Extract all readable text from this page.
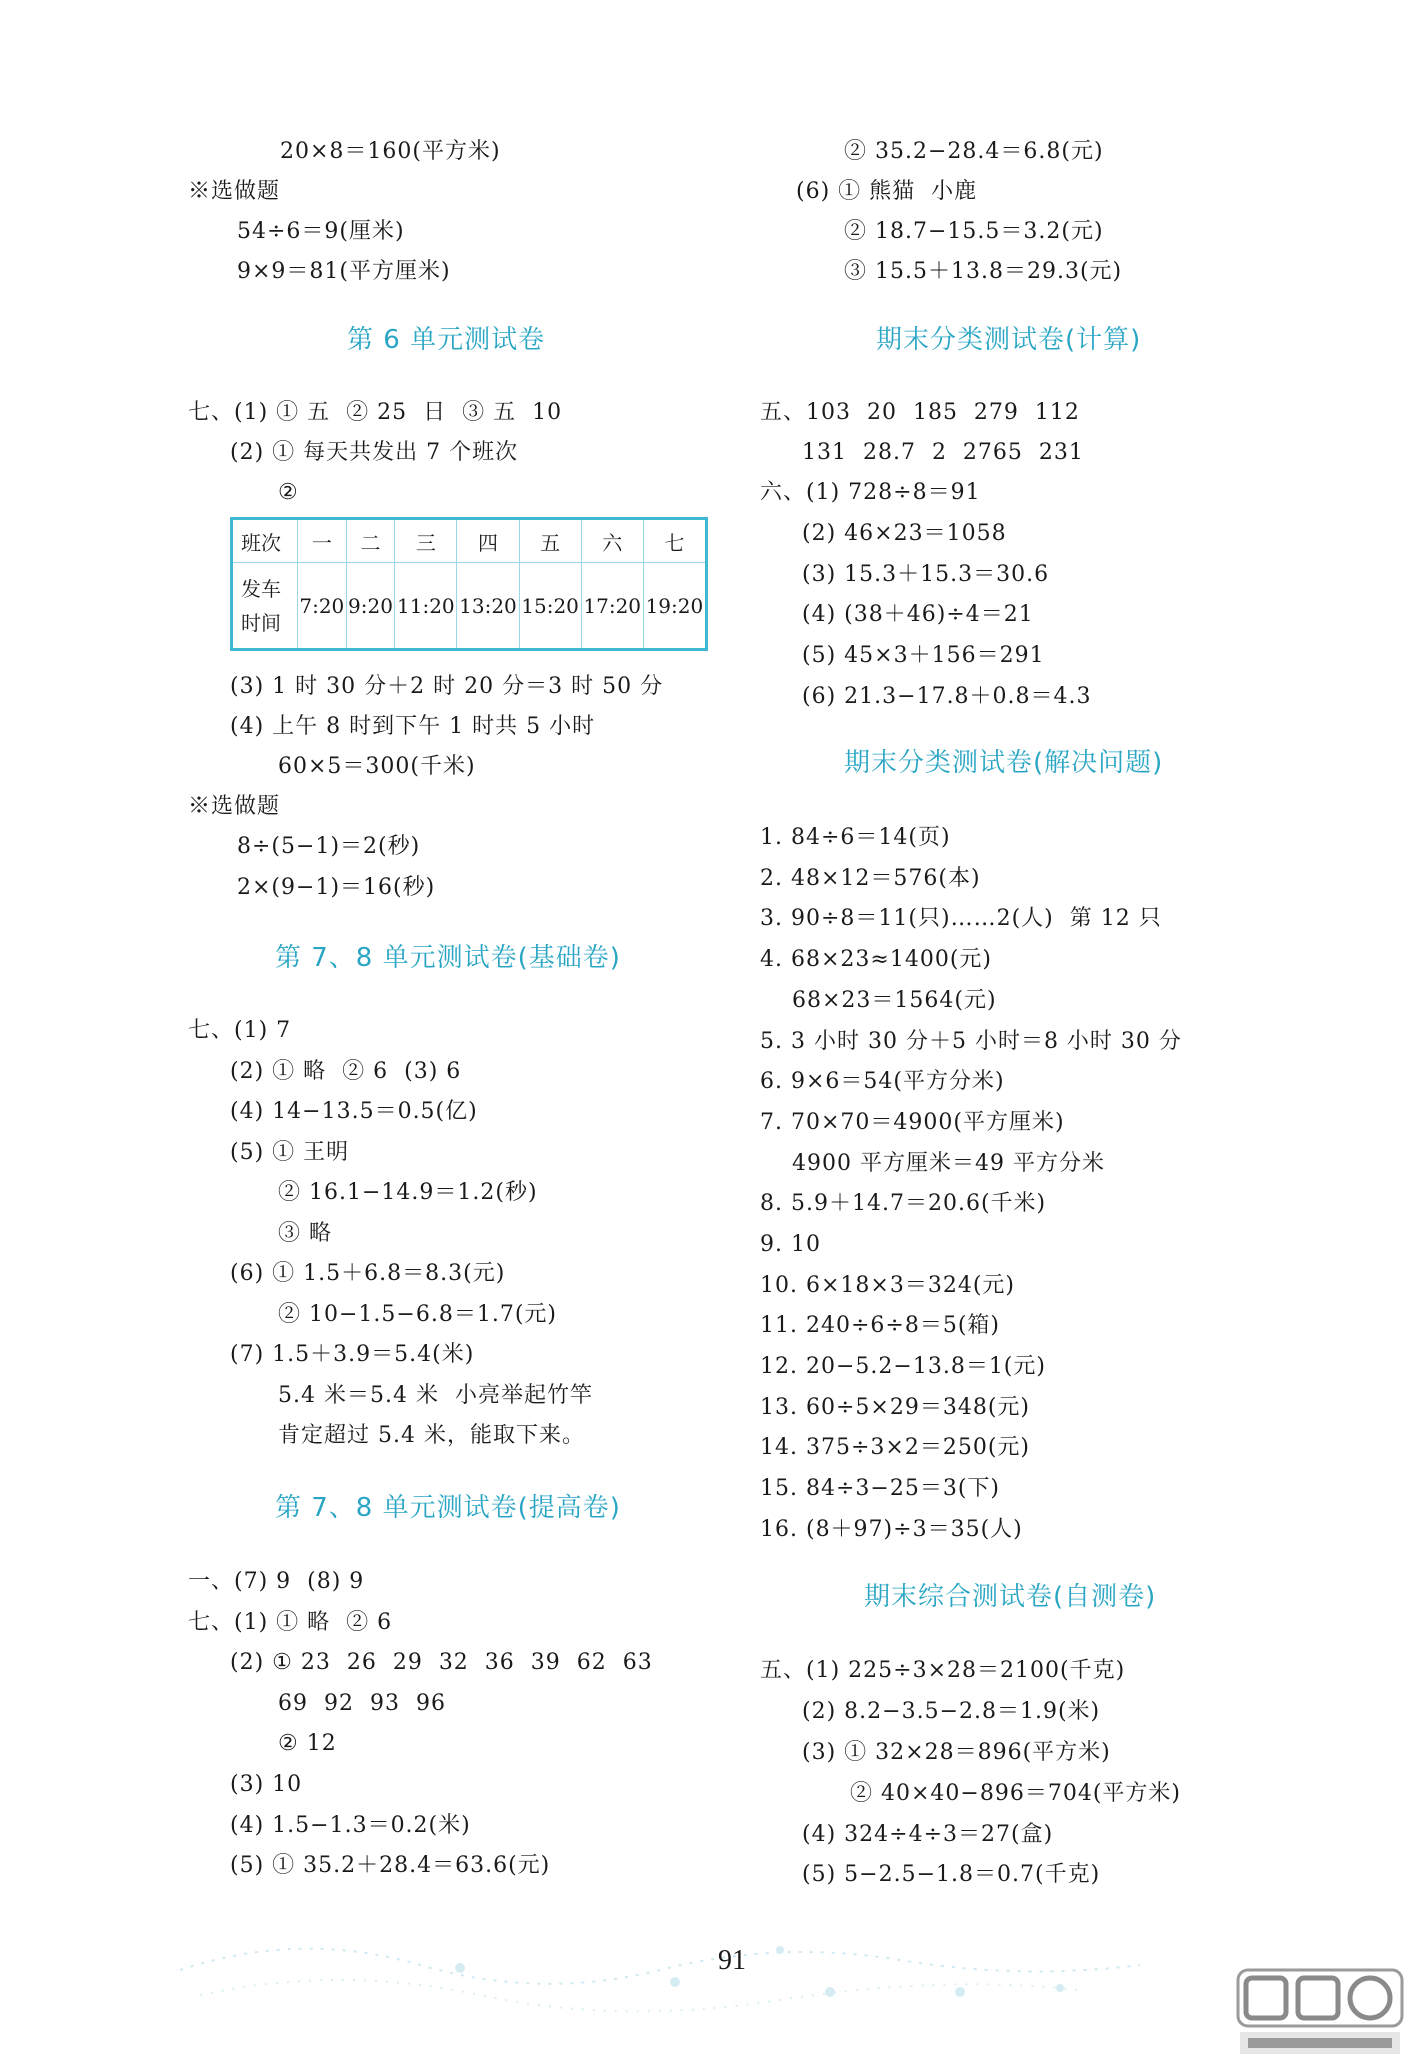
20×8＝160(平方米)
※选做题
54÷6＝9(厘米)
9×9＝81(平方厘米)
第 6 单元测试卷
七、(1) ① 五  ② 25  日  ③ 五  10
(2) ① 每天共发出 7 个班次
②
班次	一	二	三	四	五	六	七

发车
时间	7:20	9:20	11:20	13:20	15:20	17:20	19:20
(3) 1 时 30 分＋2 时 20 分＝3 时 50 分
(4) 上午 8 时到下午 1 时共 5 小时
60×5＝300(千米)
※选做题
8÷(5−1)＝2(秒)
2×(9−1)＝16(秒)
第 7、8 单元测试卷(基础卷)
七、(1) 7
(2) ① 略  ② 6  (3) 6
(4) 14−13.5＝0.5(亿)
(5) ① 王明
② 16.1−14.9＝1.2(秒)
③ 略
(6) ① 1.5＋6.8＝8.3(元)
② 10−1.5−6.8＝1.7(元)
(7) 1.5＋3.9＝5.4(米)
5.4 米＝5.4 米  小亮举起竹竿
肯定超过 5.4 米，能取下来。
第 7、8 单元测试卷(提高卷)
一、(7) 9  (8) 9
七、(1) ① 略  ② 6
(2) ① 23  26  29  32  36  39  62  63
69  92  93  96
② 12
(3) 10
(4) 1.5−1.3＝0.2(米)
(5) ① 35.2＋28.4＝63.6(元)
② 35.2−28.4＝6.8(元)
(6) ① 熊猫  小鹿
② 18.7−15.5＝3.2(元)
③ 15.5＋13.8＝29.3(元)
期末分类测试卷(计算)
五、103  20  185  279  112
131  28.7  2  2765  231
六、(1) 728÷8＝91
(2) 46×23＝1058
(3) 15.3＋15.3＝30.6
(4) (38＋46)÷4＝21
(5) 45×3＋156＝291
(6) 21.3−17.8＋0.8＝4.3
期末分类测试卷(解决问题)
1. 84÷6＝14(页)
2. 48×12＝576(本)
3. 90÷8＝11(只)……2(人)  第 12 只
4. 68×23≈1400(元)
68×23＝1564(元)
5. 3 小时 30 分＋5 小时＝8 小时 30 分
6. 9×6＝54(平方分米)
7. 70×70＝4900(平方厘米)
4900 平方厘米＝49 平方分米
8. 5.9＋14.7＝20.6(千米)
9. 10
10. 6×18×3＝324(元)
11. 240÷6÷8＝5(箱)
12. 20−5.2−13.8＝1(元)
13. 60÷5×29＝348(元)
14. 375÷3×2＝250(元)
15. 84÷3−25＝3(下)
16. (8＋97)÷3＝35(人)
期末综合测试卷(自测卷)
五、(1) 225÷3×28＝2100(千克)
(2) 8.2−3.5−2.8＝1.9(米)
(3) ① 32×28＝896(平方米)
② 40×40−896＝704(平方米)
(4) 324÷4÷3＝27(盒)
(5) 5−2.5−1.8＝0.7(千克)
91
